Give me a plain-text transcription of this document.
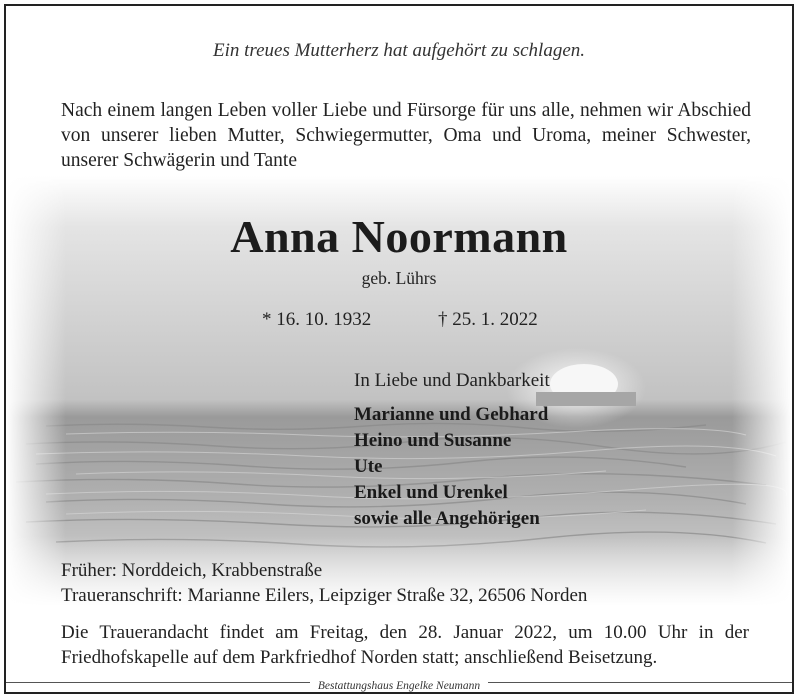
Ein treues Mutterherz hat aufgehört zu schlagen.
Nach einem langen Leben voller Liebe und Fürsorge für uns alle, nehmen wir Abschied von unserer lieben Mutter, Schwiegermutter, Oma und Uroma, meiner Schwester, unserer Schwägerin und Tante
Anna Noormann
geb. Lührs
* 16. 10. 1932	† 25. 1. 2022
In Liebe und Dankbarkeit
Marianne und Gebhard
Heino und Susanne
Ute
Enkel und Urenkel
sowie alle Angehörigen
Früher: Norddeich, Krabbenstraße
Traueranschrift: Marianne Eilers, Leipziger Straße 32, 26506 Norden
Die Trauerandacht findet am Freitag, den 28. Januar 2022, um 10.00 Uhr in der Friedhofskapelle auf dem Parkfriedhof Norden statt; anschließend Beisetzung.
Bestattungshaus Engelke Neumann
